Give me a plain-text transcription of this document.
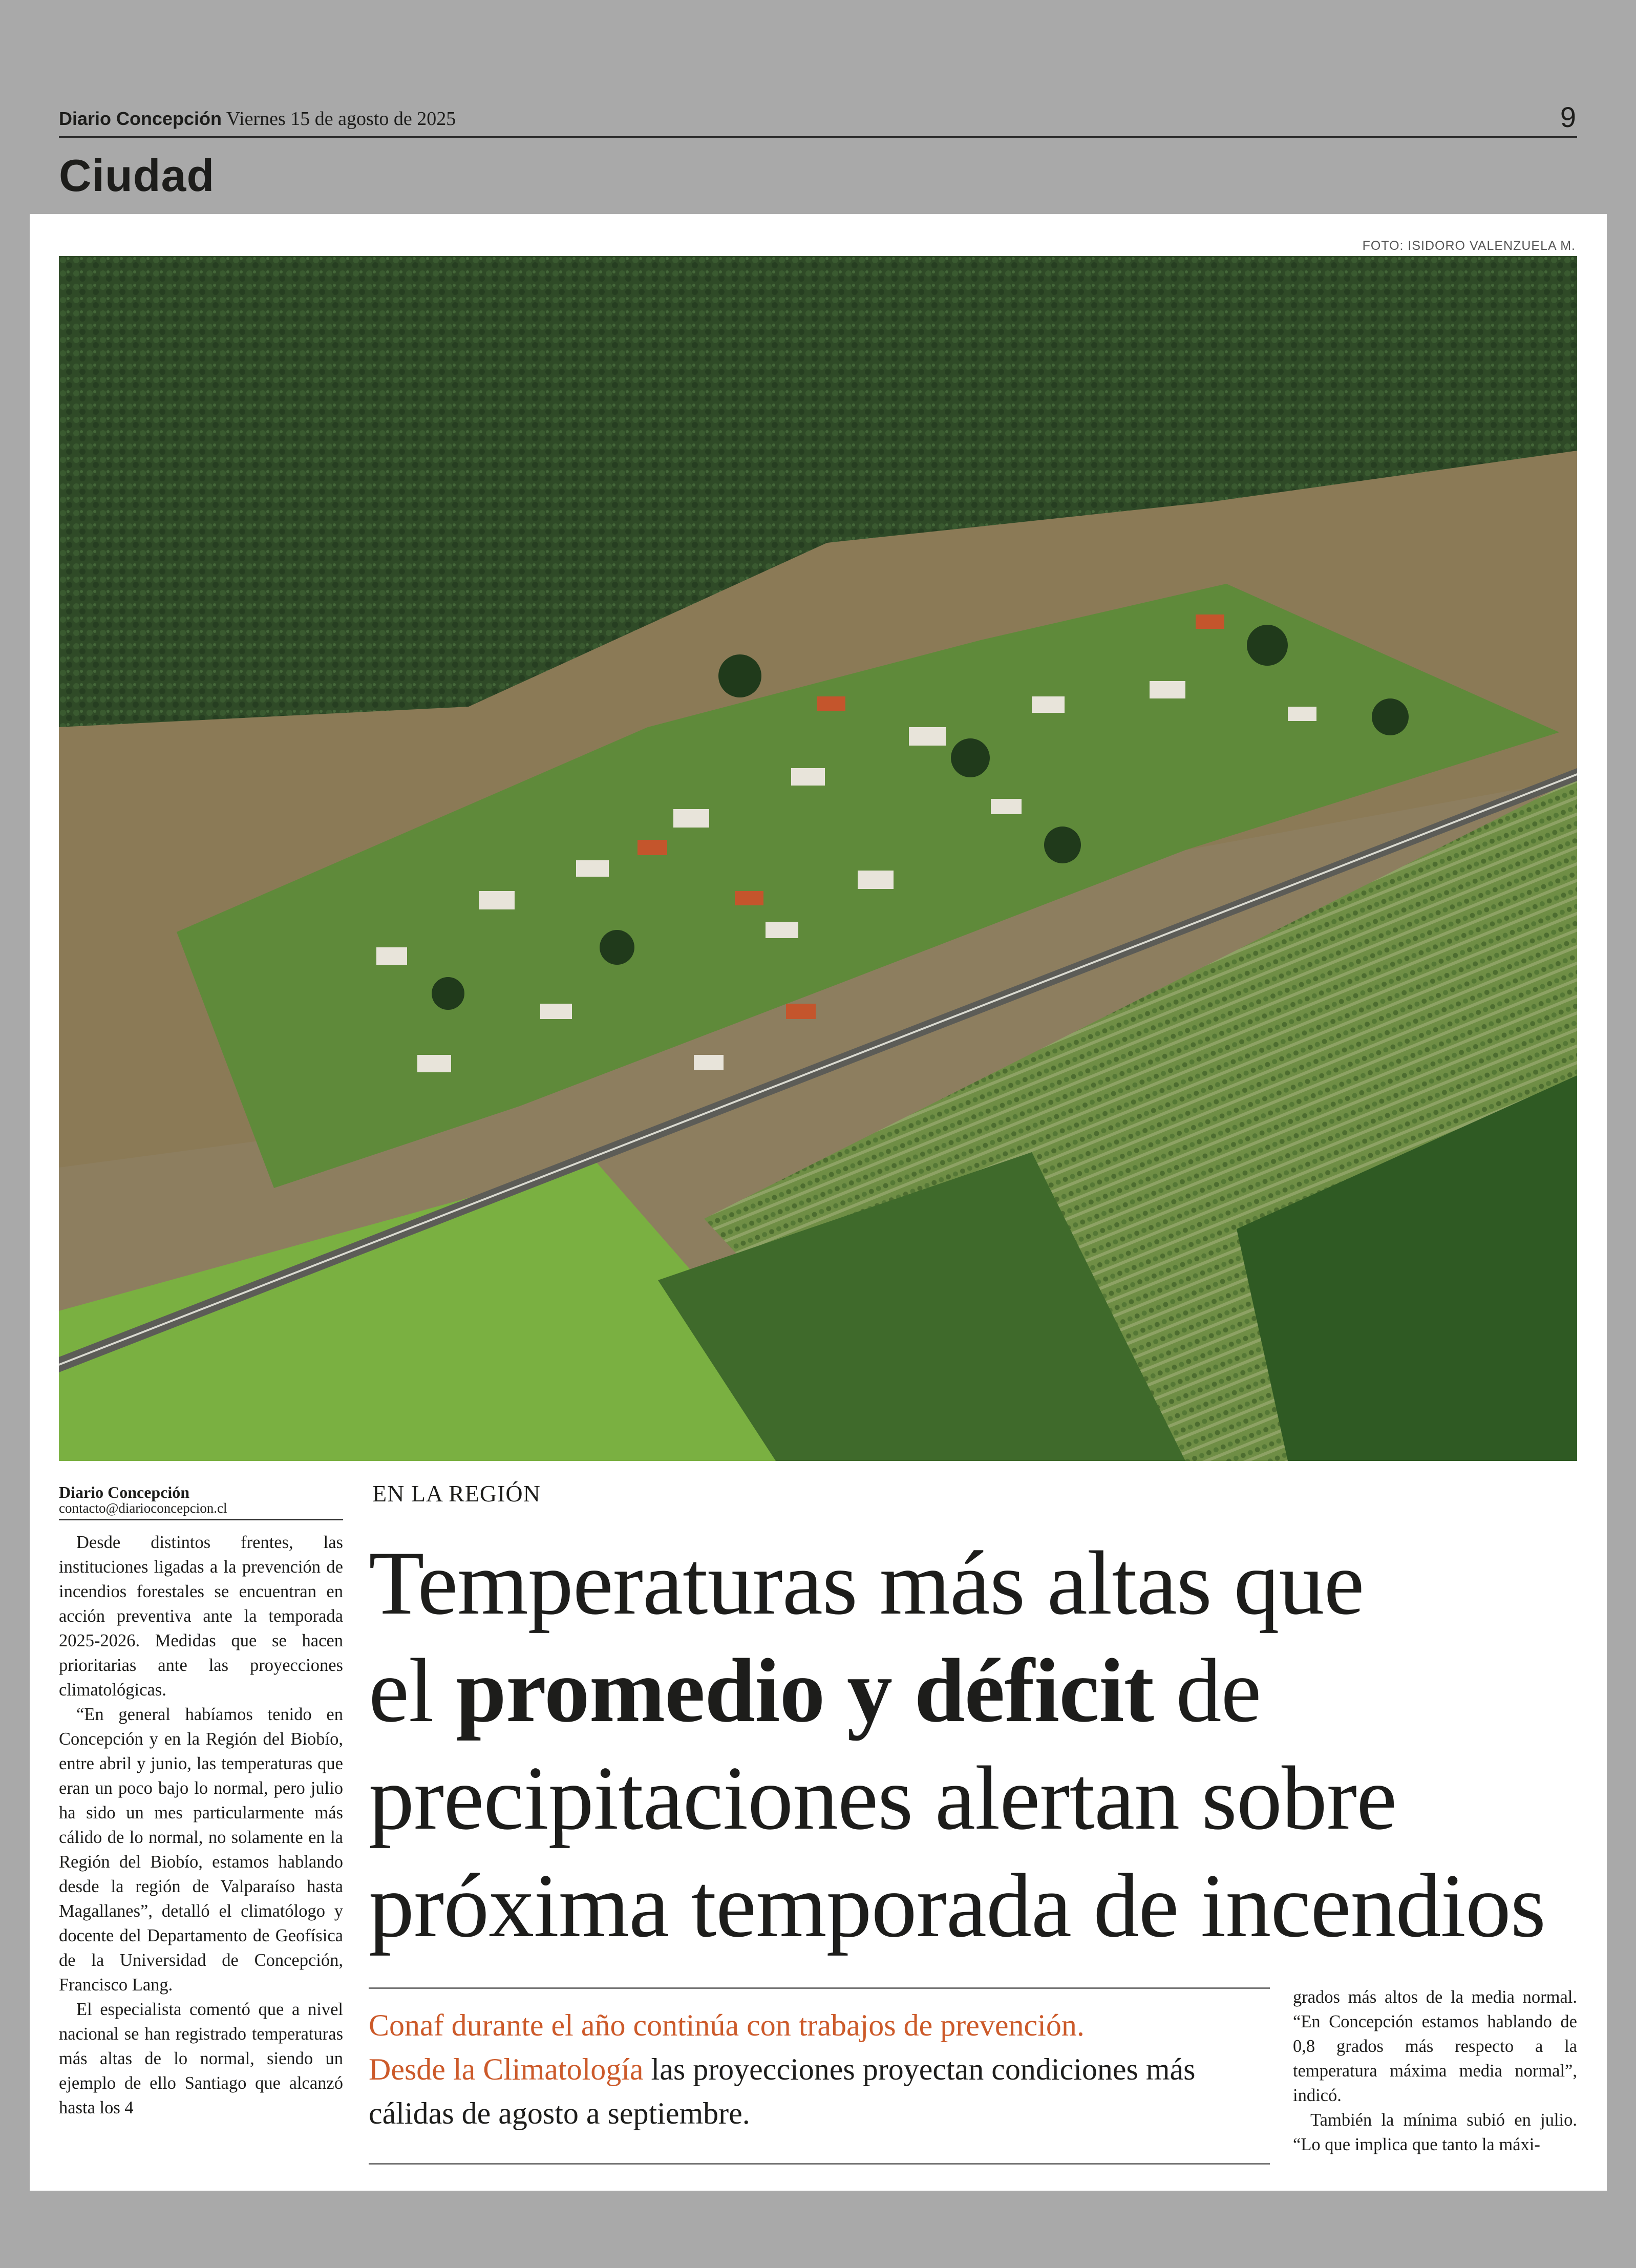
Diario Concepción Viernes 15 de agosto de 2025	9
Ciudad
FOTO: ISIDORO VALENZUELA M.
Diario Concepción
contacto@diarioconcepcion.cl

Desde distintos frentes, las instituciones ligadas a la prevención de incendios forestales se encuentran en acción preventiva ante la temporada 2025-2026. Medidas que se hacen prioritarias ante las proyecciones climatológicas.

“En general habíamos tenido en Concepción y en la Región del Biobío, entre abril y junio, las temperaturas que eran un poco bajo lo normal, pero julio ha sido un mes particularmente más cálido de lo normal, no solamente en la Región del Biobío, estamos hablando desde la región de Valparaíso hasta Magallanes”, detalló el climatólogo y docente del Departamento de Geofísica de la Universidad de Concepción, Francisco Lang.

El especialista comentó que a nivel nacional se han registrado temperaturas más altas de lo normal, siendo un ejemplo de ello Santiago que alcanzó hasta los 4

EN LA REGIÓN
Temperaturas más altas que
el promedio y déficit de
precipitaciones alertan sobre
próxima temporada de incendios
Conaf durante el año continúa con trabajos de prevención.
Desde la Climatología las proyecciones proyectan condiciones más cálidas de agosto a septiembre.

grados más altos de la media normal. “En Concepción estamos hablando de 0,8 grados más respecto a la temperatura máxima media normal”, indicó.

También la mínima subió en julio. “Lo que implica que tanto la máxi-
